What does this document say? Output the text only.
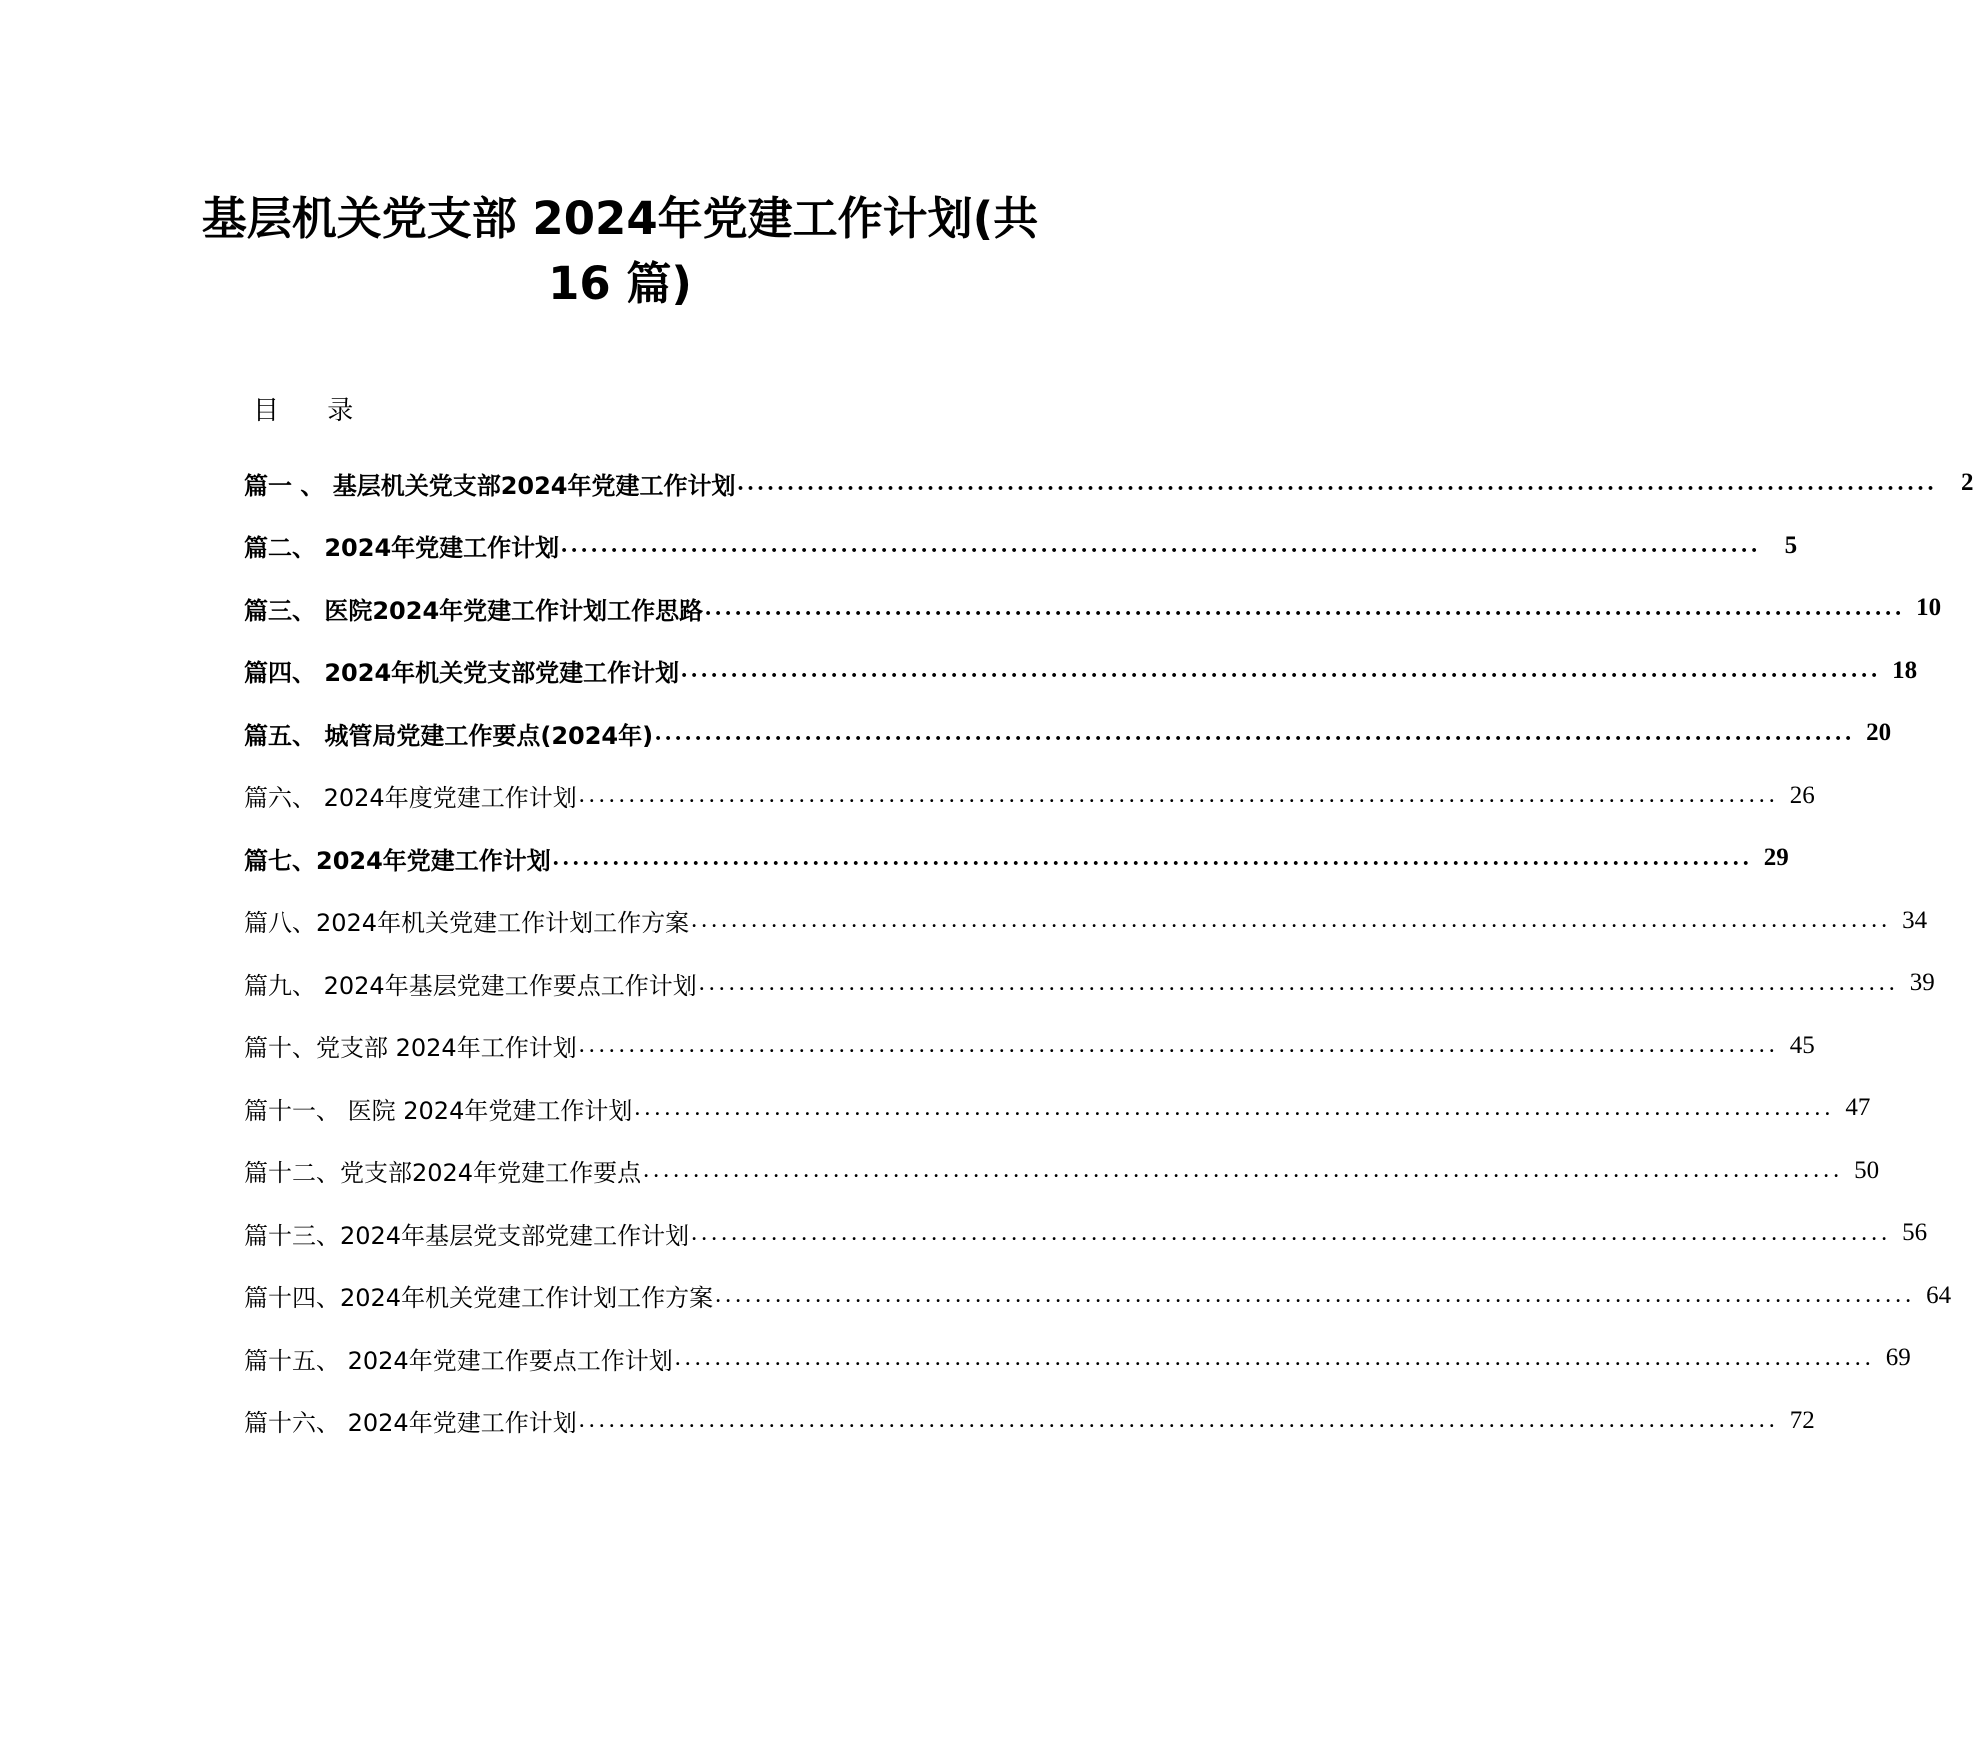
基层机关党支部 2024年党建工作计划(共
16 篇)
目 录
篇一 、 基层机关党支部2024年党建工作计划 ........................................................................................................................ 2
篇二、 2024年党建工作计划 ........................................................................................................................ 5
篇三、 医院2024年党建工作计划工作思路 ........................................................................................................................ 10
篇四、 2024年机关党支部党建工作计划 ........................................................................................................................ 18
篇五、 城管局党建工作要点(2024年) ........................................................................................................................ 20
篇六、 2024年度党建工作计划 ........................................................................................................................ 26
篇七、2024年党建工作计划 ........................................................................................................................ 29
篇八、2024年机关党建工作计划工作方案 ........................................................................................................................ 34
篇九、 2024年基层党建工作要点工作计划 ........................................................................................................................ 39
篇十、党支部 2024年工作计划 ........................................................................................................................ 45
篇十一、 医院 2024年党建工作计划 ........................................................................................................................ 47
篇十二、党支部2024年党建工作要点 ........................................................................................................................ 50
篇十三、2024年基层党支部党建工作计划 ........................................................................................................................ 56
篇十四、2024年机关党建工作计划工作方案 ........................................................................................................................ 64
篇十五、 2024年党建工作要点工作计划 ........................................................................................................................ 69
篇十六、 2024年党建工作计划 ........................................................................................................................ 72
